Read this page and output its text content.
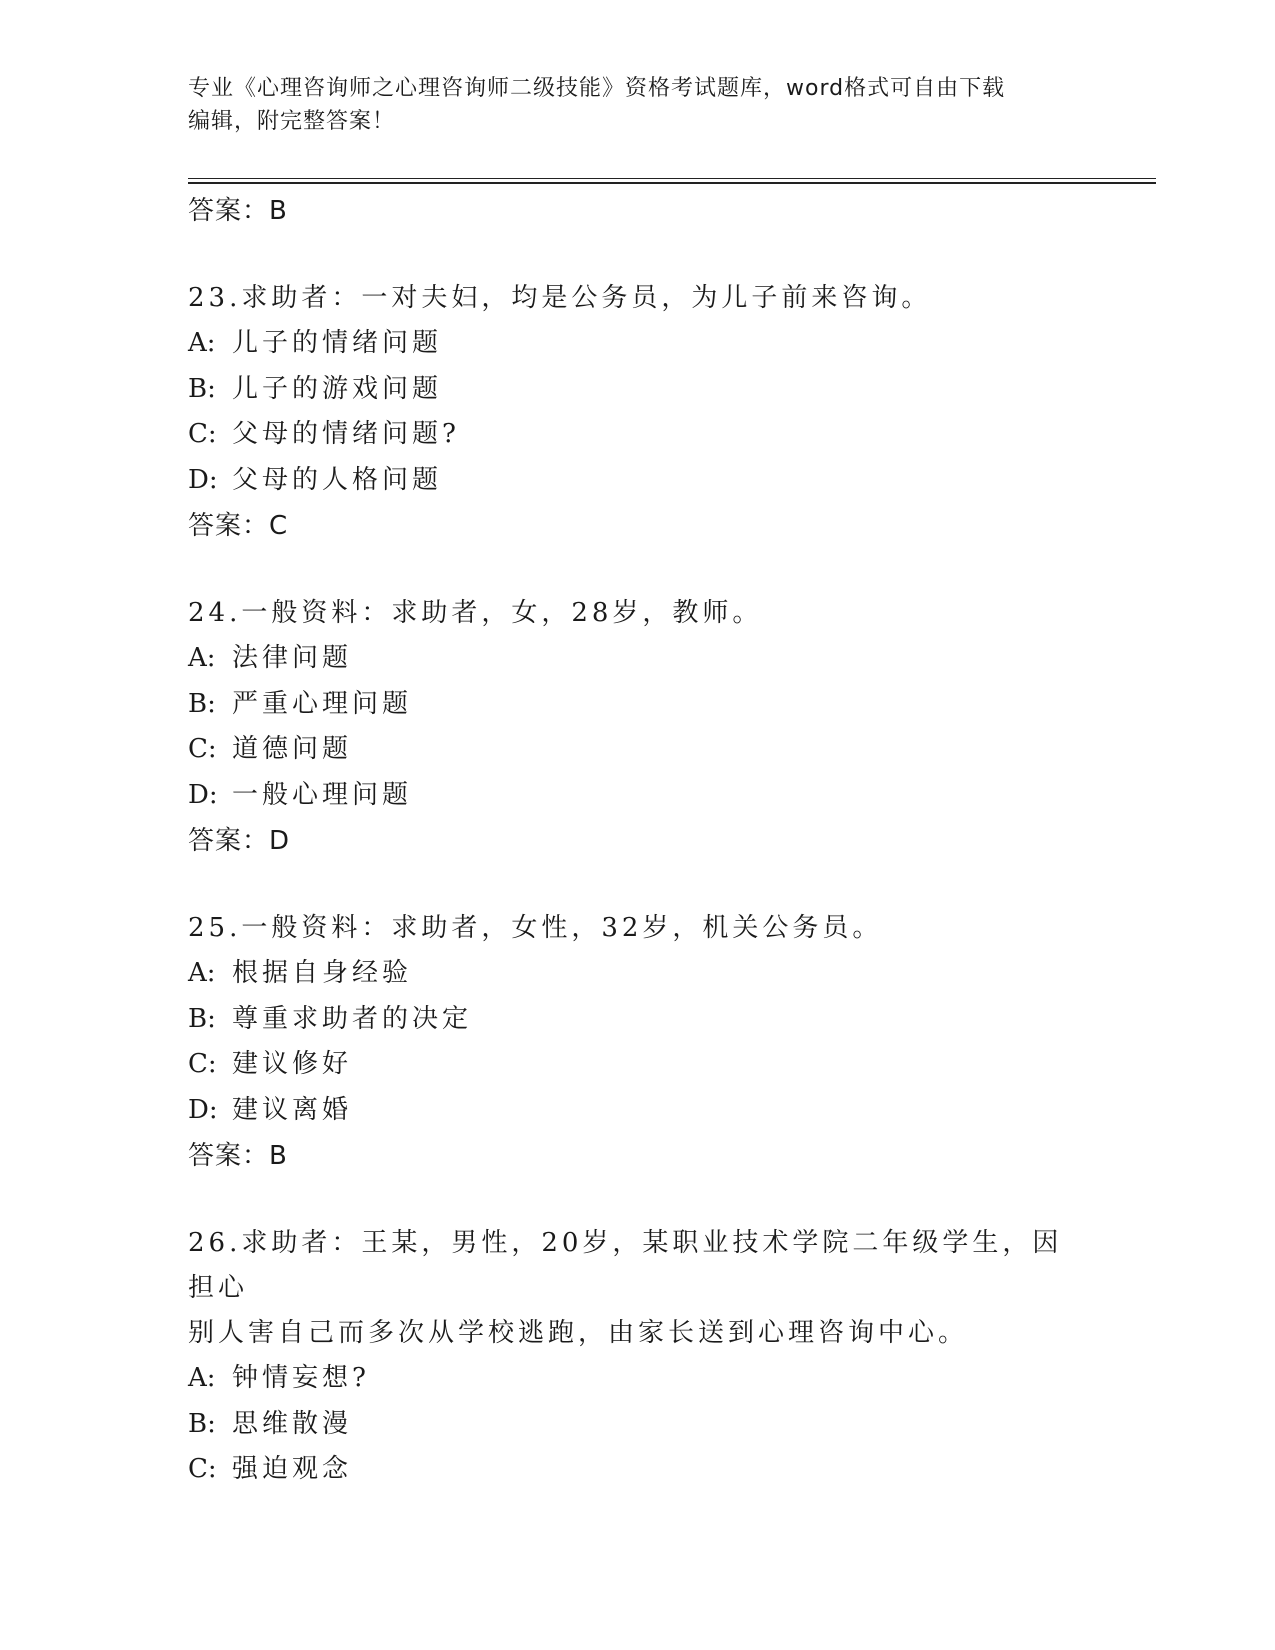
专业《心理咨询师之心理咨询师二级技能》资格考试题库，word格式可自由下载
编辑，附完整答案！
答案：B
23.求助者：一对夫妇，均是公务员，为儿子前来咨询。
A: 儿子的情绪问题
B: 儿子的游戏问题
C: 父母的情绪问题?
D: 父母的人格问题
答案：C
24.一般资料：求助者，女，28岁，教师。
A: 法律问题
B: 严重心理问题
C: 道德问题
D: 一般心理问题
答案：D
25.一般资料：求助者，女性，32岁，机关公务员。
A: 根据自身经验
B: 尊重求助者的决定
C: 建议修好
D: 建议离婚
答案：B
26.求助者：王某，男性，20岁，某职业技术学院二年级学生，因担心
别人害自己而多次从学校逃跑，由家长送到心理咨询中心。
A: 钟情妄想?
B: 思维散漫
C: 强迫观念
